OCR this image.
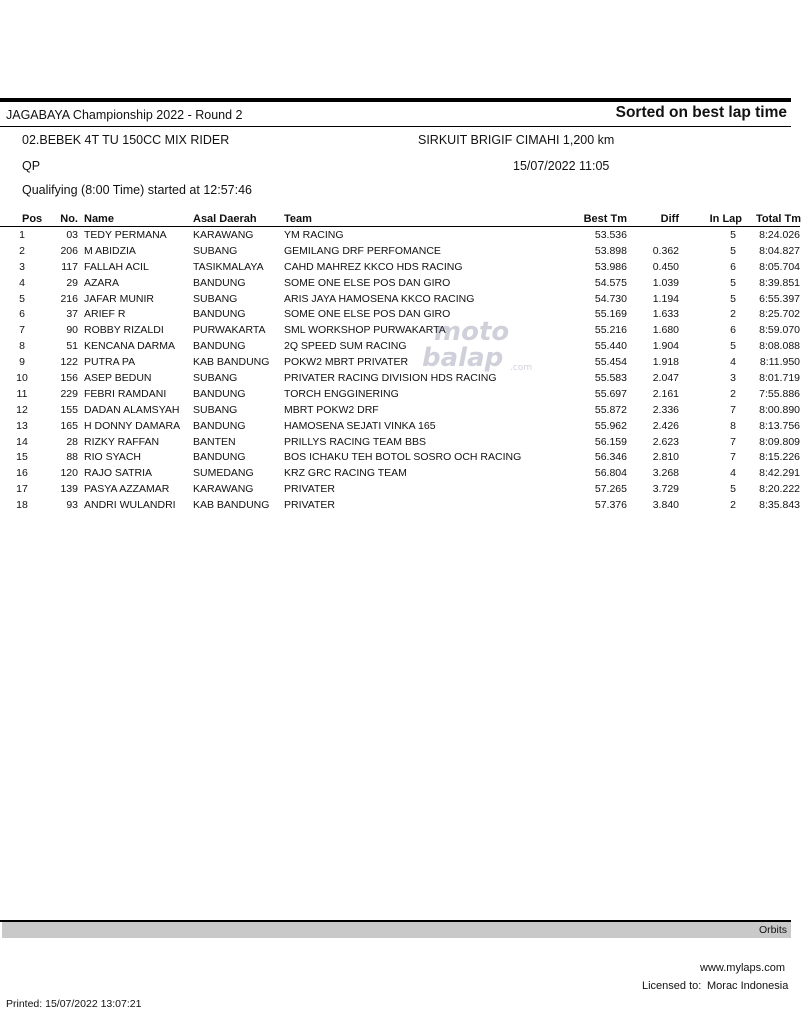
JAGABAYA Championship 2022 - Round 2	Sorted on best lap time
02.BEBEK 4T TU 150CC MIX RIDER	SIRKUIT BRIGIF CIMAHI 1,200 km
QP	15/07/2022 11:05
Qualifying (8:00 Time) started at 12:57:46
Pos	No.	Name	Asal Daerah	Team	Best Tm	Diff	In Lap	Total Tm
1	03	TEDY PERMANA	KARAWANG	YM RACING	53.536		5	8:24.026
2	206	M ABIDZIA	SUBANG	GEMILANG DRF PERFOMANCE	53.898	0.362	5	8:04.827
3	117	FALLAH ACIL	TASIKMALAYA	CAHD MAHREZ KKCO HDS RACING	53.986	0.450	6	8:05.704
4	29	AZARA	BANDUNG	SOME ONE ELSE POS DAN GIRO	54.575	1.039	5	8:39.851
5	216	JAFAR MUNIR	SUBANG	ARIS JAYA HAMOSENA KKCO RACING	54.730	1.194	5	6:55.397
6	37	ARIEF R	BANDUNG	SOME ONE ELSE POS DAN GIRO	55.169	1.633	2	8:25.702
7	90	ROBBY RIZALDI	PURWAKARTA	SML WORKSHOP PURWAKARTA	55.216	1.680	6	8:59.070
8	51	KENCANA DARMA	BANDUNG	2Q SPEED SUM RACING	55.440	1.904	5	8:08.088
9	122	PUTRA PA	KAB BANDUNG	POKW2 MBRT PRIVATER	55.454	1.918	4	8:11.950
10	156	ASEP BEDUN	SUBANG	PRIVATER RACING DIVISION HDS RACING	55.583	2.047	3	8:01.719
11	229	FEBRI RAMDANI	BANDUNG	TORCH ENGGINERING	55.697	2.161	2	7:55.886
12	155	DADAN ALAMSYAH	SUBANG	MBRT POKW2 DRF	55.872	2.336	7	8:00.890
13	165	H DONNY DAMARA	BANDUNG	HAMOSENA SEJATI VINKA 165	55.962	2.426	8	8:13.756
14	28	RIZKY RAFFAN	BANTEN	PRILLYS RACING TEAM BBS	56.159	2.623	7	8:09.809
15	88	RIO SYACH	BANDUNG	BOS ICHAKU TEH BOTOL SOSRO OCH RACING	56.346	2.810	7	8:15.226
16	120	RAJO SATRIA	SUMEDANG	KRZ GRC RACING TEAM	56.804	3.268	4	8:42.291
17	139	PASYA AZZAMAR	KARAWANG	PRIVATER	57.265	3.729	5	8:20.222
18	93	ANDRI WULANDRI	KAB BANDUNG	PRIVATER	57.376	3.840	2	8:35.843
moto
balap .com
Orbits
www.mylaps.com
Licensed to: Morac Indonesia
Printed: 15/07/2022 13:07:21
